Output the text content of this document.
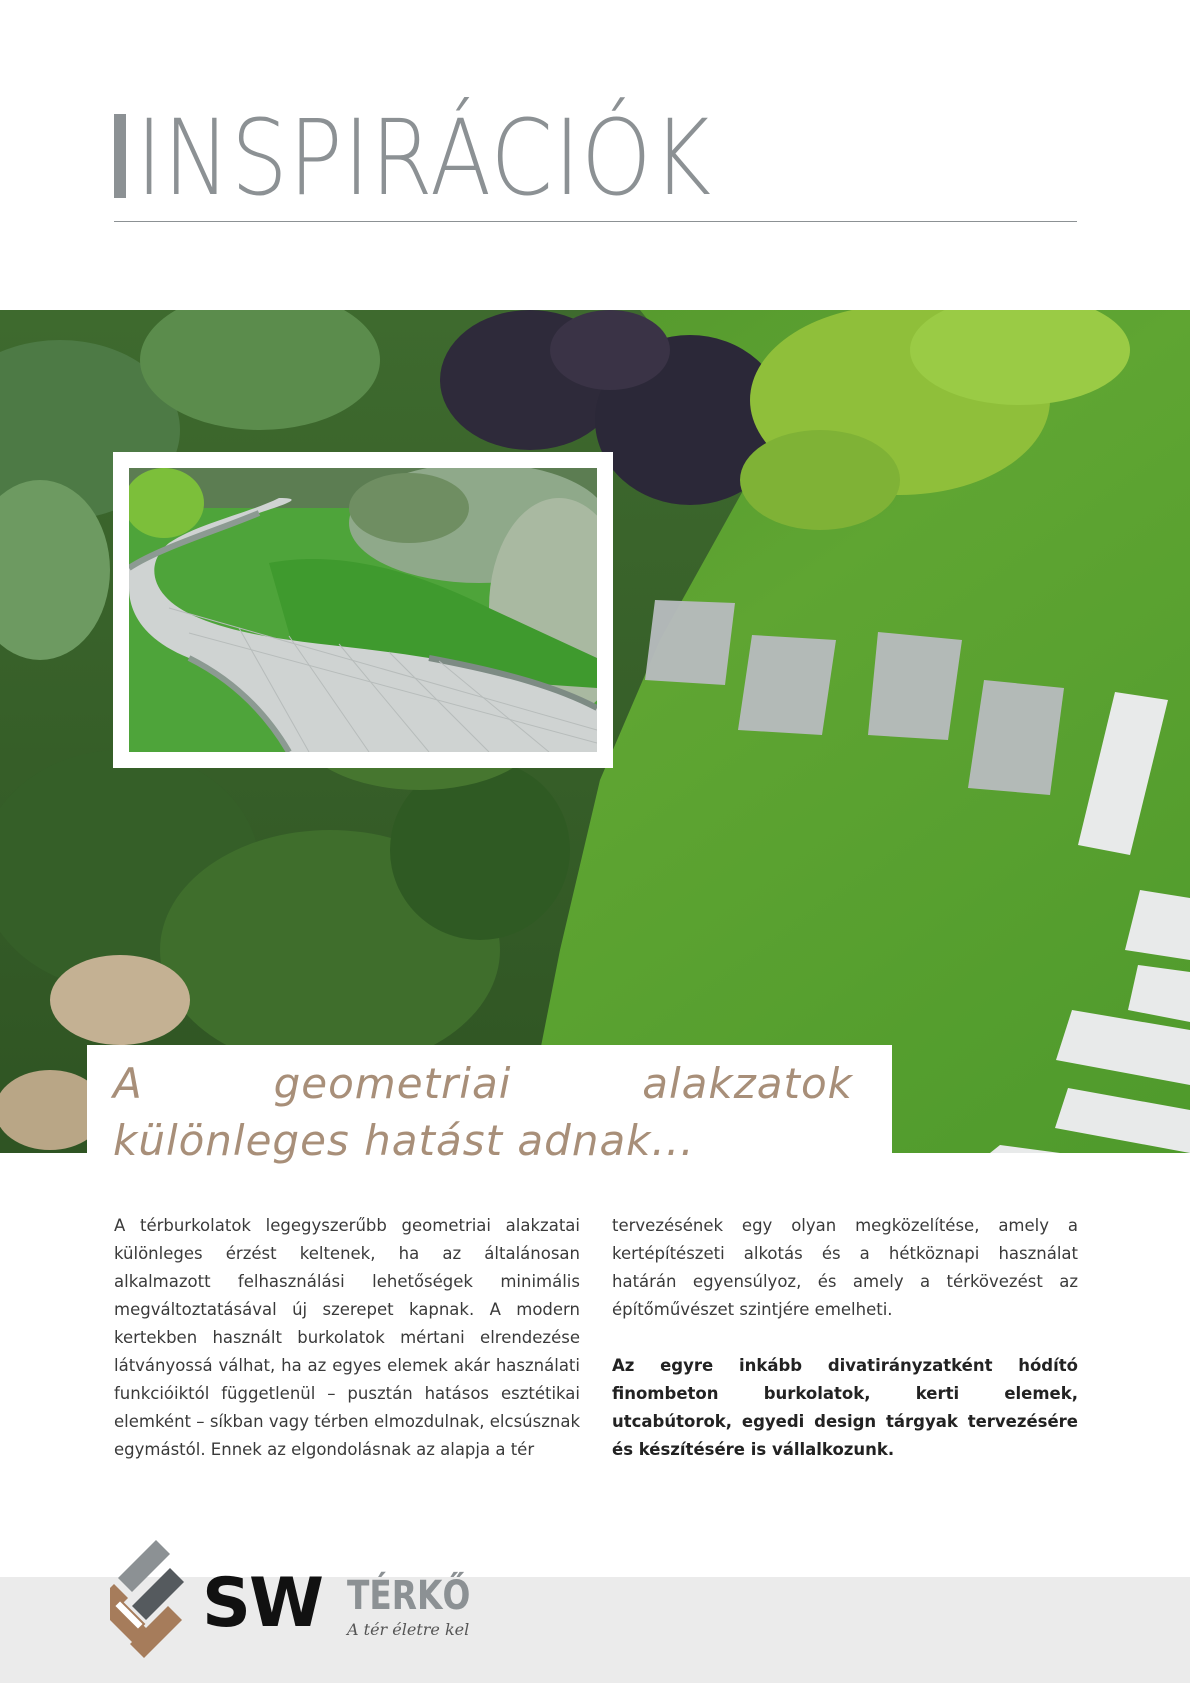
INSPIRÁCIÓK
A geometriai alakzatok különleges hatást adnak...

A térburkolatok legegyszerűbb geometriai alakzatai különleges érzést keltenek, ha az általánosan alkalmazott felhasználási lehetőségek minimális megváltoztatásával új szerepet kapnak. A modern kertekben használt burkolatok mértani elrendezése látványossá válhat, ha az egyes elemek akár használati funkcióiktól függetlenül – pusztán hatásos esztétikai elemként – síkban vagy térben elmozdulnak, elcsúsznak egymástól. Ennek az elgondolásnak az alapja a tér

tervezésének egy olyan megközelítése, amely a kertépítészeti alkotás és a hétköznapi használat határán egyensúlyoz, és amely a térkövezést az építőművészet szintjére emelheti.

Az egyre inkább divatirányzatként hódító finombeton burkolatok, kerti elemek, utcabútorok, egyedi design tárgyak tervezésére és készítésére is vállalkozunk.

SW TÉRKŐ
A tér életre kel
